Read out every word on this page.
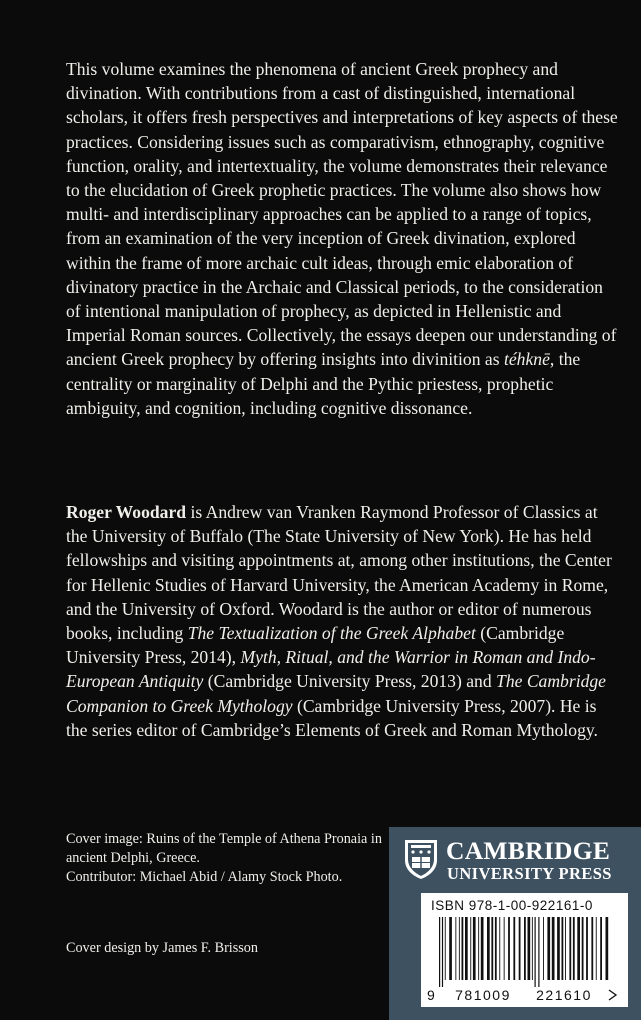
This volume examines the phenomena of ancient Greek prophecy and divination. With contributions from a cast of distinguished, international scholars, it offers fresh perspectives and interpretations of key aspects of these practices. Considering issues such as comparativism, ethnography, cognitive function, orality, and intertextuality, the volume demonstrates their relevance to the elucidation of Greek prophetic practices. The volume also shows how multi- and interdisciplinary approaches can be applied to a range of topics, from an examination of the very inception of Greek divination, explored within the frame of more archaic cult ideas, through emic elaboration of divinatory practice in the Archaic and Classical periods, to the consideration of intentional manipulation of prophecy, as depicted in Hellenistic and Imperial Roman sources. Collectively, the essays deepen our understanding of ancient Greek prophecy by offering insights into divinition as téhknē, the centrality or marginality of Delphi and the Pythic priestess, prophetic ambiguity, and cognition, including cognitive dissonance.

Roger Woodard is Andrew van Vranken Raymond Professor of Classics at the University of Buffalo (The State University of New York). He has held fellowships and visiting appointments at, among other institutions, the Center for Hellenic Studies of Harvard University, the American Academy in Rome, and the University of Oxford. Woodard is the author or editor of numerous books, including The Textualization of the Greek Alphabet (Cambridge University Press, 2014), Myth, Ritual, and the Warrior in Roman and Indo-European Antiquity (Cambridge University Press, 2013) and The Cambridge Companion to Greek Mythology (Cambridge University Press, 2007). He is the series editor of Cambridge’s Elements of Greek and Roman Mythology.

Cover image: Ruins of the Temple of Athena Pronaia in ancient Delphi, Greece.
Contributor: Michael Abid / Alamy Stock Photo.

Cover design by James F. Brisson

CAMBRIDGE

UNIVERSITY PRESS

ISBN 978-1-00-922161-0

9 781009 221610
